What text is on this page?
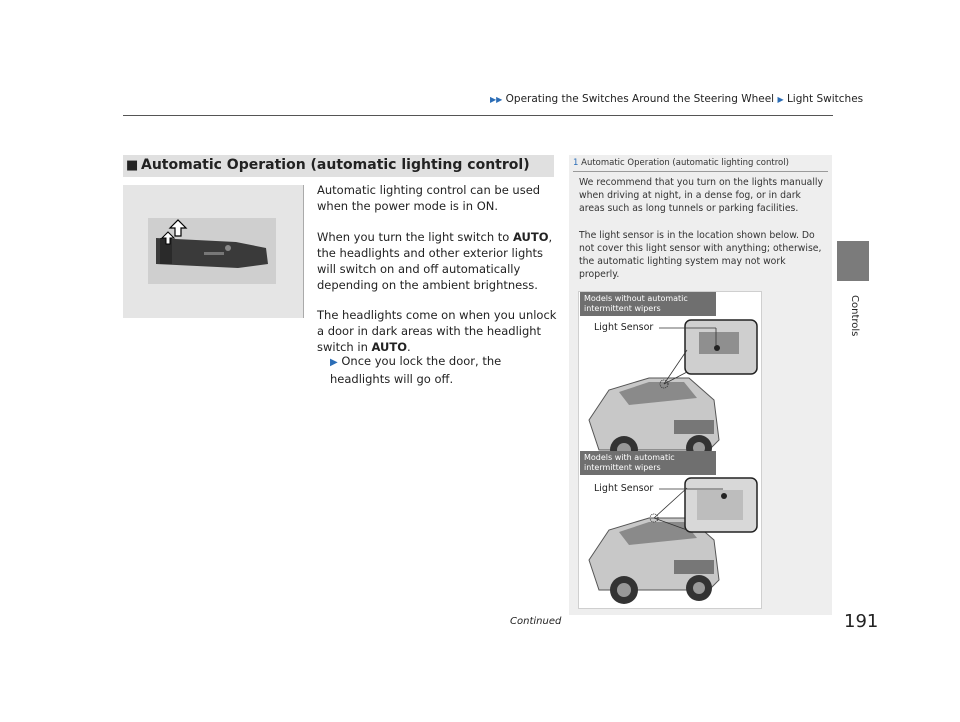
▶▶ Operating the Switches Around the Steering Wheel ▶ Light Switches
Controls
■ Automatic Operation (automatic lighting control)
Automatic lighting control can be used when the power mode is in ON.
When you turn the light switch to AUTO, the headlights and other exterior lights will switch on and off automatically depending on the ambient brightness.
The headlights come on when you unlock a door in dark areas with the headlight switch in AUTO.
▶ Once you lock the door, the headlights will go off.
1 Automatic Operation (automatic lighting control)
We recommend that you turn on the lights manually when driving at night, in a dense fog, or in dark areas such as long tunnels or parking facilities.
The light sensor is in the location shown below. Do not cover this light sensor with anything; otherwise, the automatic lighting system may not work properly.
Models without automatic intermittent wipers
Models with automatic intermittent wipers
Light Sensor
Light Sensor
Continued	191
